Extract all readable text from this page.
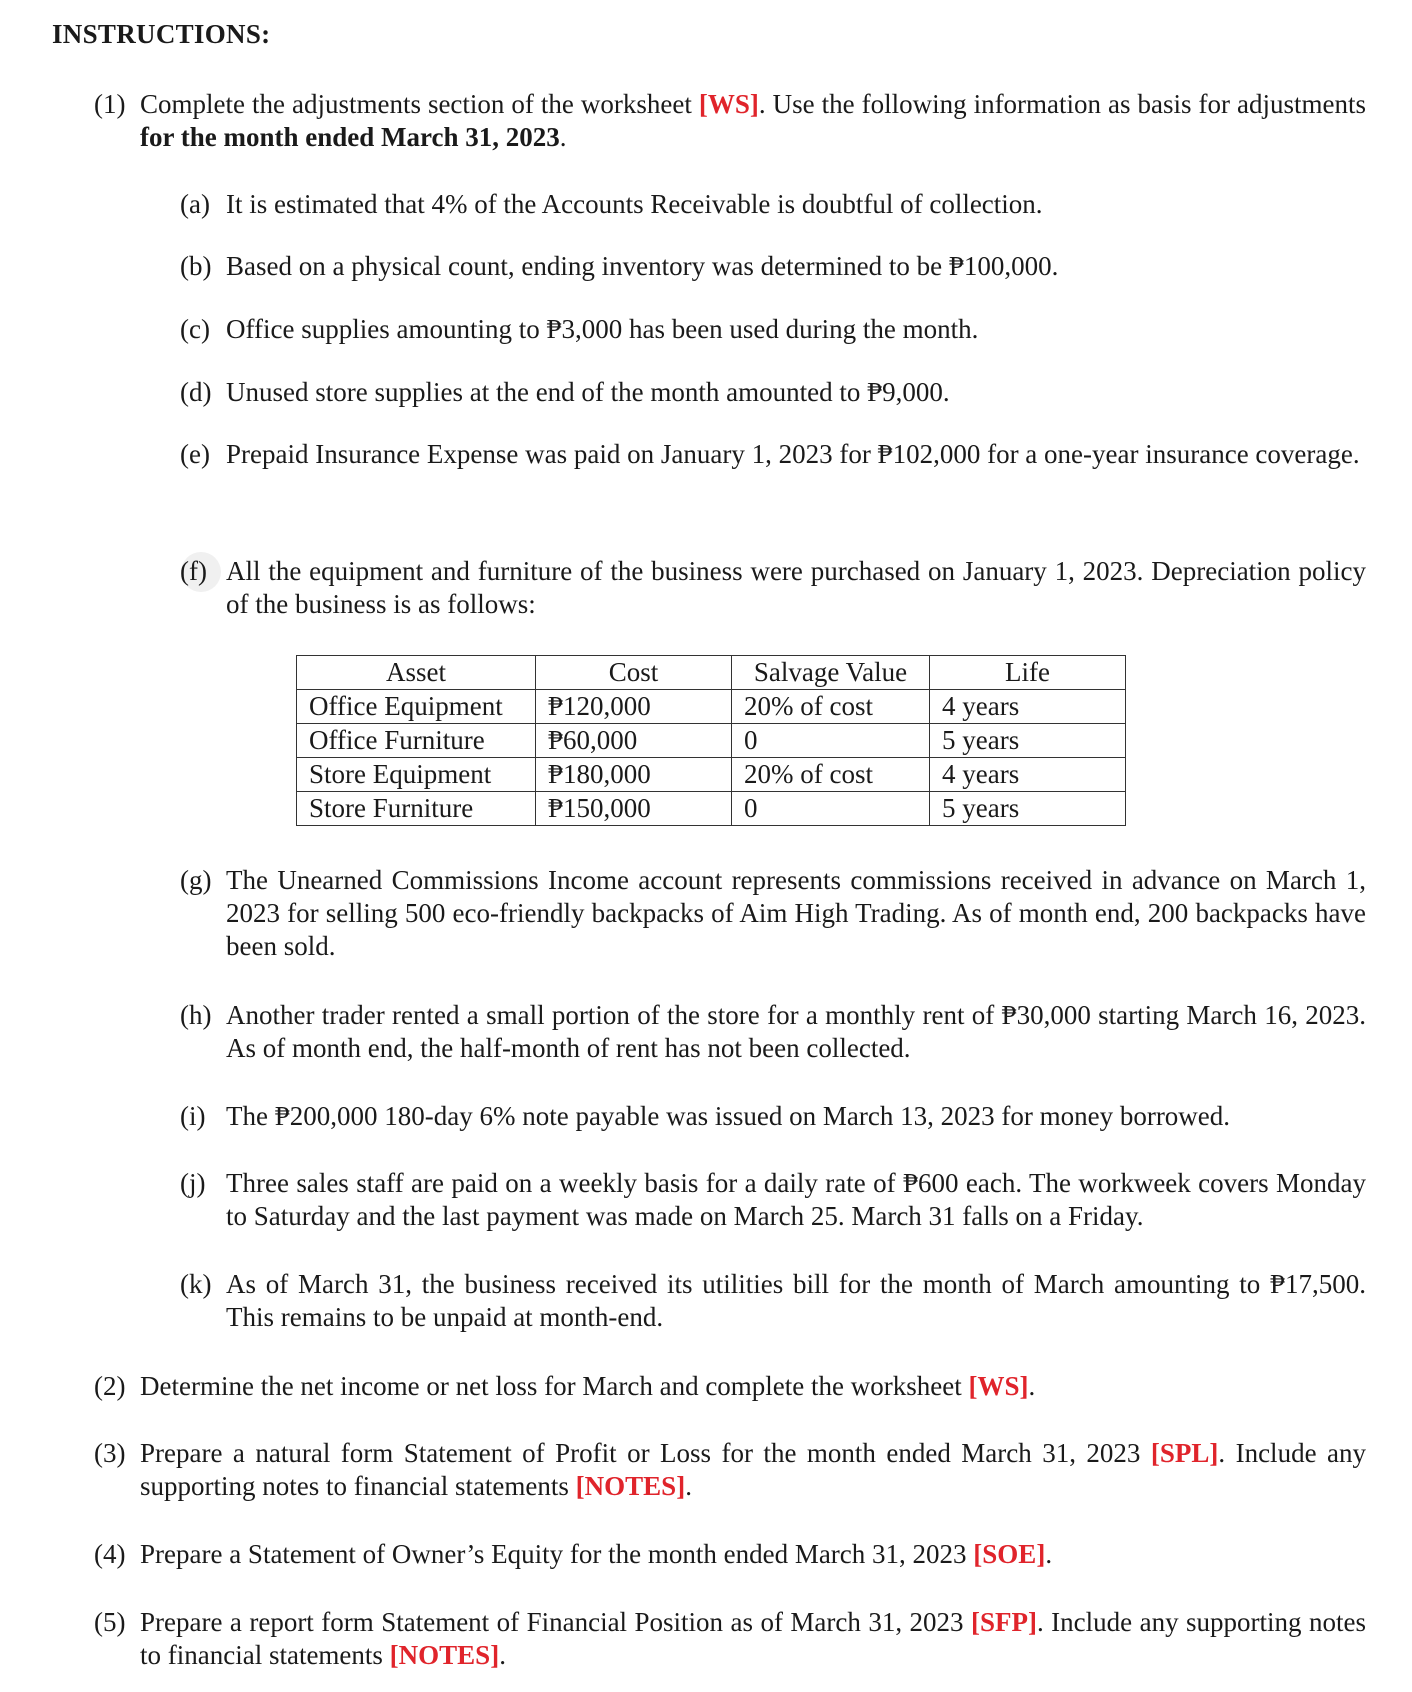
INSTRUCTIONS:
(1) Complete the adjustments section of the worksheet [WS]. Use the following information as basis for adjustments for the month ended March 31, 2023.
(a) It is estimated that 4% of the Accounts Receivable is doubtful of collection.
(b) Based on a physical count, ending inventory was determined to be ₱100,000.
(c) Office supplies amounting to ₱3,000 has been used during the month.
(d) Unused store supplies at the end of the month amounted to ₱9,000.
(e) Prepaid Insurance Expense was paid on January 1, 2023 for ₱102,000 for a one-year insurance coverage.
(f) All the equipment and furniture of the business were purchased on January 1, 2023. Depreciation policy of the business is as follows:
Asset	Cost	Salvage Value	Life
Office Equipment	₱120,000	20% of cost	4 years
Office Furniture	₱60,000	0	5 years
Store Equipment	₱180,000	20% of cost	4 years
Store Furniture	₱150,000	0	5 years
(g) The Unearned Commissions Income account represents commissions received in advance on March 1, 2023 for selling 500 eco-friendly backpacks of Aim High Trading. As of month end, 200 backpacks have been sold.
(h) Another trader rented a small portion of the store for a monthly rent of ₱30,000 starting March 16, 2023. As of month end, the half-month of rent has not been collected.
(i) The ₱200,000 180-day 6% note payable was issued on March 13, 2023 for money borrowed.
(j) Three sales staff are paid on a weekly basis for a daily rate of ₱600 each. The workweek covers Monday to Saturday and the last payment was made on March 25. March 31 falls on a Friday.
(k) As of March 31, the business received its utilities bill for the month of March amounting to ₱17,500. This remains to be unpaid at month-end.
(2) Determine the net income or net loss for March and complete the worksheet [WS].
(3) Prepare a natural form Statement of Profit or Loss for the month ended March 31, 2023 [SPL]. Include any supporting notes to financial statements [NOTES].
(4) Prepare a Statement of Owner’s Equity for the month ended March 31, 2023 [SOE].
(5) Prepare a report form Statement of Financial Position as of March 31, 2023 [SFP]. Include any supporting notes to financial statements [NOTES].
